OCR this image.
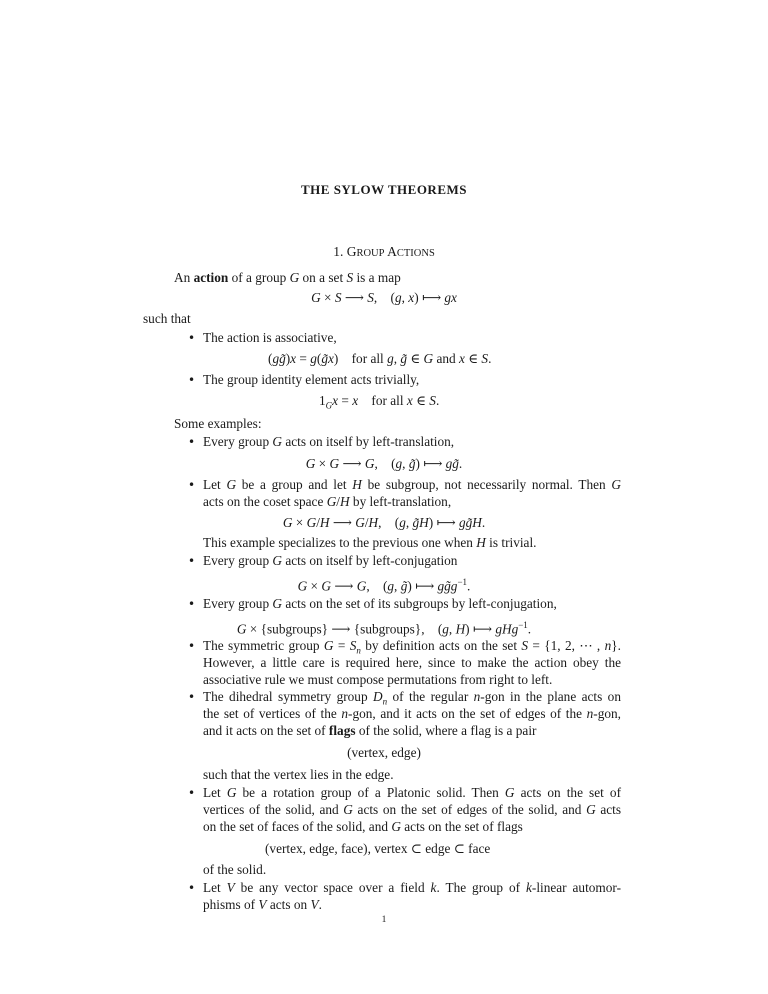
THE SYLOW THEOREMS
1. GROUP ACTIONS
An action of a group G on a set S is a map
G × S ⟶ S,    (g, x) ⟼ gx
such that
• The action is associative,
(gg̃)x = g(g̃x)    for all g, g̃ ∈ G and x ∈ S.
• The group identity element acts trivially,
$1_Gx = x$    for all x ∈ S.
Some examples:
• Every group G acts on itself by left-translation,
G × G ⟶ G,    (g, g̃) ⟼ gg̃.
• Let G be a group and let H be subgroup, not necessarily normal. Then G
acts on the coset space G/H by left-translation,
G × G/H ⟶ G/H,    (g, g̃H) ⟼ gg̃H.
This example specializes to the previous one when H is trivial.
• Every group G acts on itself by left-conjugation
G × G ⟶ G,    (g, g̃) ⟼ $gg̃g^{-1}$.
• Every group G acts on the set of its subgroups by left-conjugation,
G × {subgroups} ⟶ {subgroups},    (g, H) ⟼ gHg$^{-1}$.
• The symmetric group $G = S_n$ by definition acts on the set S = {1, 2, ⋯ , n}.
However, a little care is required here, since to make the action obey the
associative rule we must compose permutations from right to left.
• The dihedral symmetry group $D_n$ of the regular n-gon in the plane acts on
the set of vertices of the n-gon, and it acts on the set of edges of the n-gon,
and it acts on the set of flags of the solid, where a flag is a pair
(vertex, edge)
such that the vertex lies in the edge.
• Let G be a rotation group of a Platonic solid. Then G acts on the set of
vertices of the solid, and G acts on the set of edges of the solid, and G acts
on the set of faces of the solid, and G acts on the set of flags
(vertex, edge, face), vertex ⊂ edge ⊂ face
of the solid.
• Let V be any vector space over a field k. The group of k-linear automor-
phisms of V acts on V.
1
